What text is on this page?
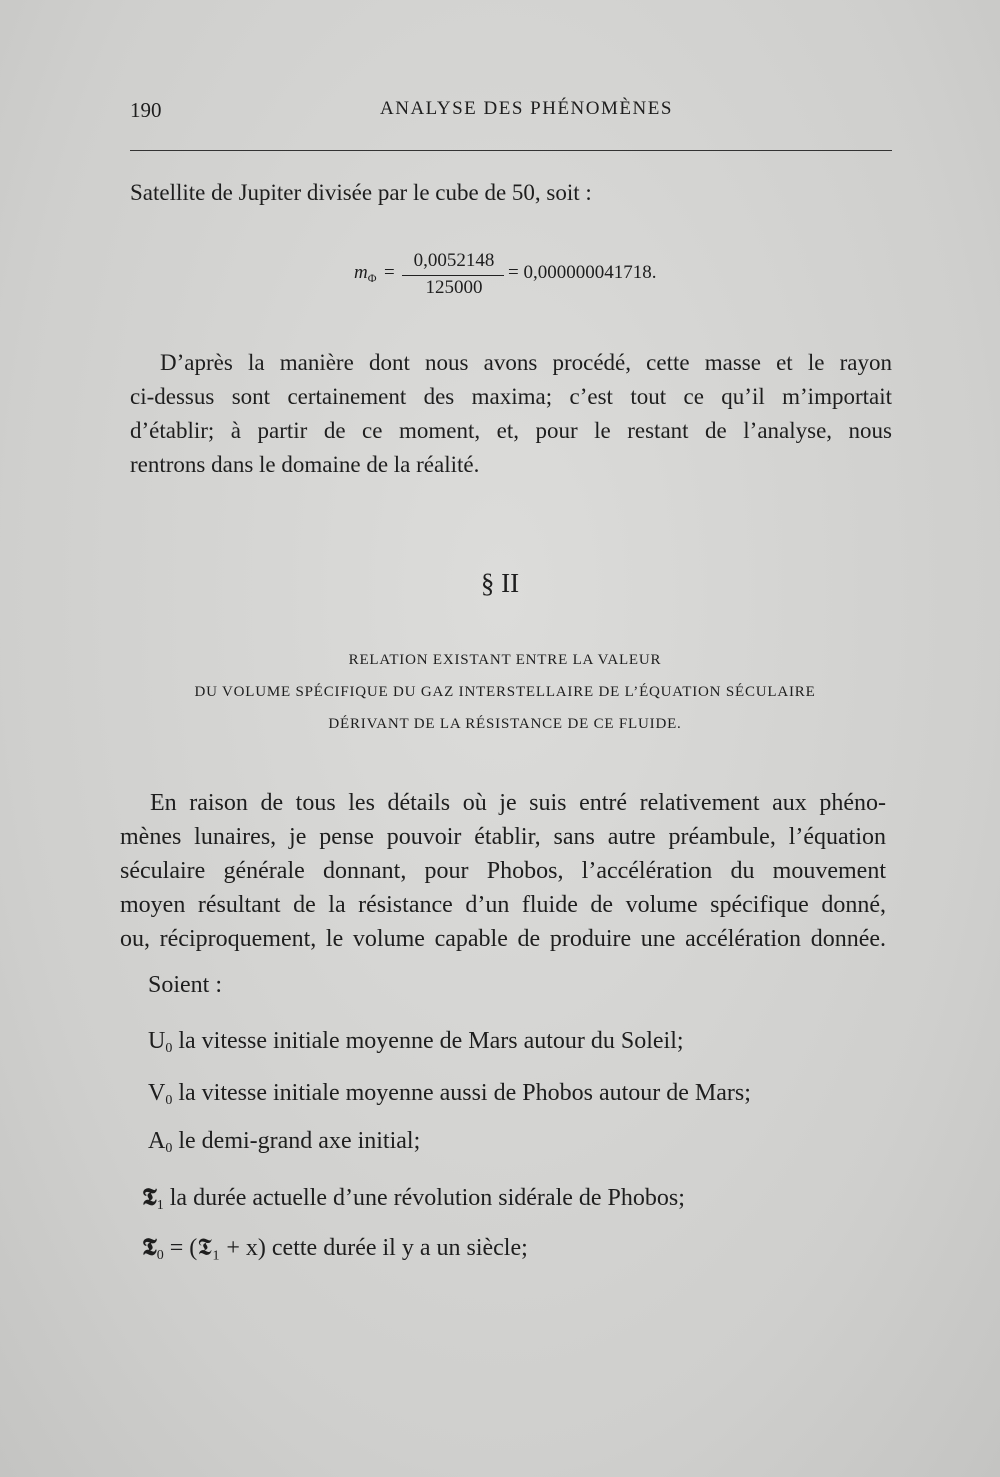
190	ANALYSE DES PHÉNOMÈNES
Satellite de Jupiter divisée par le cube de 50, soit :
$m_\Phi$ =
0,0052148
125000
= 0,000000041718.
D’après la manière dont nous avons procédé, cette masse et le rayon
ci-dessus sont certainement des maxima; c’est tout ce qu’il m’importait
d’établir; à partir de ce moment, et, pour le restant de l’analyse, nous
rentrons dans le domaine de la réalité.
§ II
RELATION EXISTANT ENTRE LA VALEUR
DU VOLUME SPÉCIFIQUE DU GAZ INTERSTELLAIRE DE L’ÉQUATION SÉCULAIRE
DÉRIVANT DE LA RÉSISTANCE DE CE FLUIDE.
En raison de tous les détails où je suis entré relativement aux phéno-
mènes lunaires, je pense pouvoir établir, sans autre préambule, l’équation
séculaire générale donnant, pour Phobos, l’accélération du mouvement
moyen résultant de la résistance d’un fluide de volume spécifique donné,
ou, réciproquement, le volume capable de produire une accélération donnée.
Soient :
$U_0$ la vitesse initiale moyenne de Mars autour du Soleil;
$V_0$ la vitesse initiale moyenne aussi de Phobos autour de Mars;
$A_0$ le demi-grand axe initial;
𝕿$_1$ la durée actuelle d’une révolution sidérale de Phobos;
𝕿$_0$ = (𝕿₁ + x) cette durée il y a un siècle;
